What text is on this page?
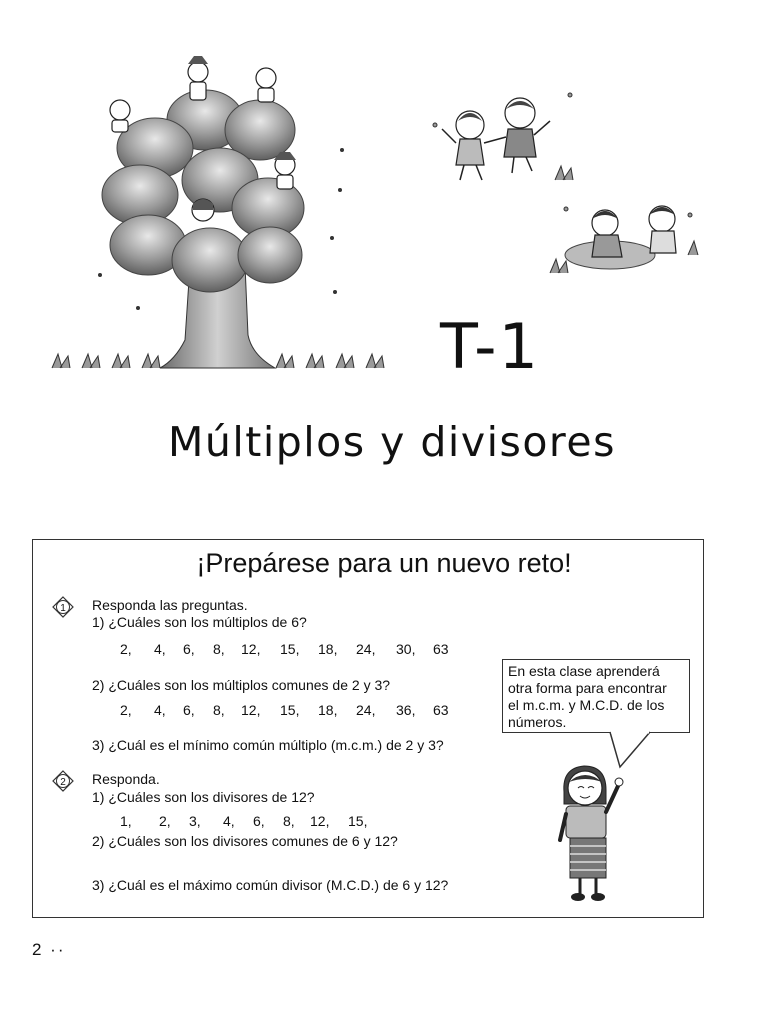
T-1
Múltiplos y divisores
¡Prepárese para un nuevo reto!
1 Responda las preguntas.
1) ¿Cuáles son los múltiplos de 6?
2, 4, 6, 8, 12, 15, 18, 24, 30, 63
2) ¿Cuáles son los múltiplos comunes de 2 y 3?
2, 4, 6, 8, 12, 15, 18, 24, 36, 63
3) ¿Cuál es el mínimo común múltiplo (m.c.m.) de 2 y 3?
2 Responda.
1) ¿Cuáles son los divisores de 12?
1, 2, 3, 4, 6, 8, 12, 15,
2) ¿Cuáles son los divisores comunes de 6 y 12?
3) ¿Cuál es el máximo común divisor (M.C.D.) de 6 y 12?
En esta clase aprenderá
otra forma para encontrar
el m.c.m. y M.C.D. de los
números.
2 ··
